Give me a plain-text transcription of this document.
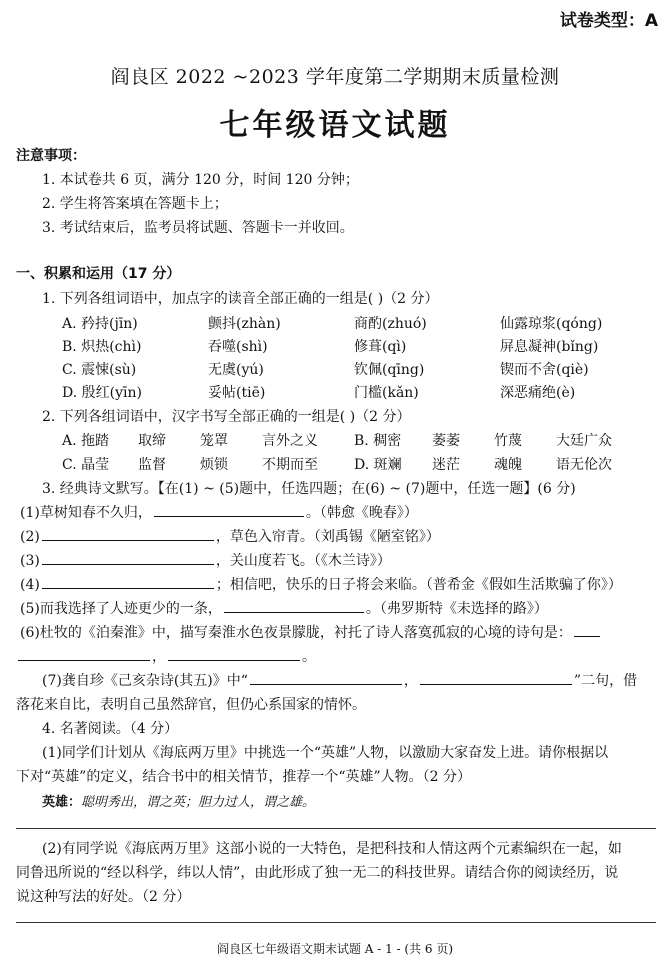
试卷类型：A
阎良区 2022 ~2023 学年度第二学期期末质量检测
七年级语文试题
注意事项：
1. 本试卷共 6 页，满分 120 分，时间 120 分钟；
2. 学生将答案填在答题卡上；
3. 考试结束后，监考员将试题、答题卡一并收回。
一、积累和运用（17 分）
1. 下列各组词语中，加点字的读音全部正确的一组是( )（2 分）
A. 矜持(jīn)	颤抖(zhàn)	商酌(zhuó)	仙露琼浆(qóng)
B. 炽热(chì)	吞噬(shì)	修葺(qì)	屏息凝神(bǐng)
C. 震悚(sù)	无虞(yú)	钦佩(qīng)	锲而不舍(qiè)
D. 殷红(yīn)	妥帖(tiē)	门槛(kǎn)	深恶痛绝(è)
2. 下列各组词语中，汉字书写全部正确的一组是( )（2 分）
A. 拖踏 取缔 笼罩 言外之义	B. 稠密 萎萎 竹蔑 大廷广众
C. 晶莹 监督 烦锁 不期而至	D. 斑斓 迷茫 魂魄 语无伦次
3. 经典诗文默写。【在(1) ~ (5)题中，任选四题；在(6) ~ (7)题中，任选一题】(6 分)
(1)草树知春不久归，	。（韩愈《晚春》）
(2)	，草色入帘青。（刘禹锡《陋室铭》）
(3)	，关山度若飞。（《木兰诗》）
(4)	；相信吧，快乐的日子将会来临。（普希金《假如生活欺骗了你》）
(5)而我选择了人迹更少的一条，	。（弗罗斯特《未选择的路》）
(6)杜牧的《泊秦淮》中，描写秦淮水色夜景朦胧，衬托了诗人落寞孤寂的心境的诗句是：
，	。
(7)龚自珍《己亥杂诗(其五)》中“	，	”二句，借
落花来自比，表明自己虽然辞官，但仍心系国家的情怀。
4. 名著阅读。（4 分）
(1)同学们计划从《海底两万里》中挑选一个“英雄”人物，以激励大家奋发上进。请你根据以
下对“英雄”的定义，结合书中的相关情节，推荐一个“英雄”人物。（2 分）
英雄：聪明秀出，谓之英；胆力过人，谓之雄。
(2)有同学说《海底两万里》这部小说的一大特色，是把科技和人情这两个元素编织在一起，如
同鲁迅所说的“经以科学，纬以人情”，由此形成了独一无二的科技世界。请结合你的阅读经历，说
说这种写法的好处。（2 分）
阎良区七年级语文期末试题 A - 1 - (共 6 页)
